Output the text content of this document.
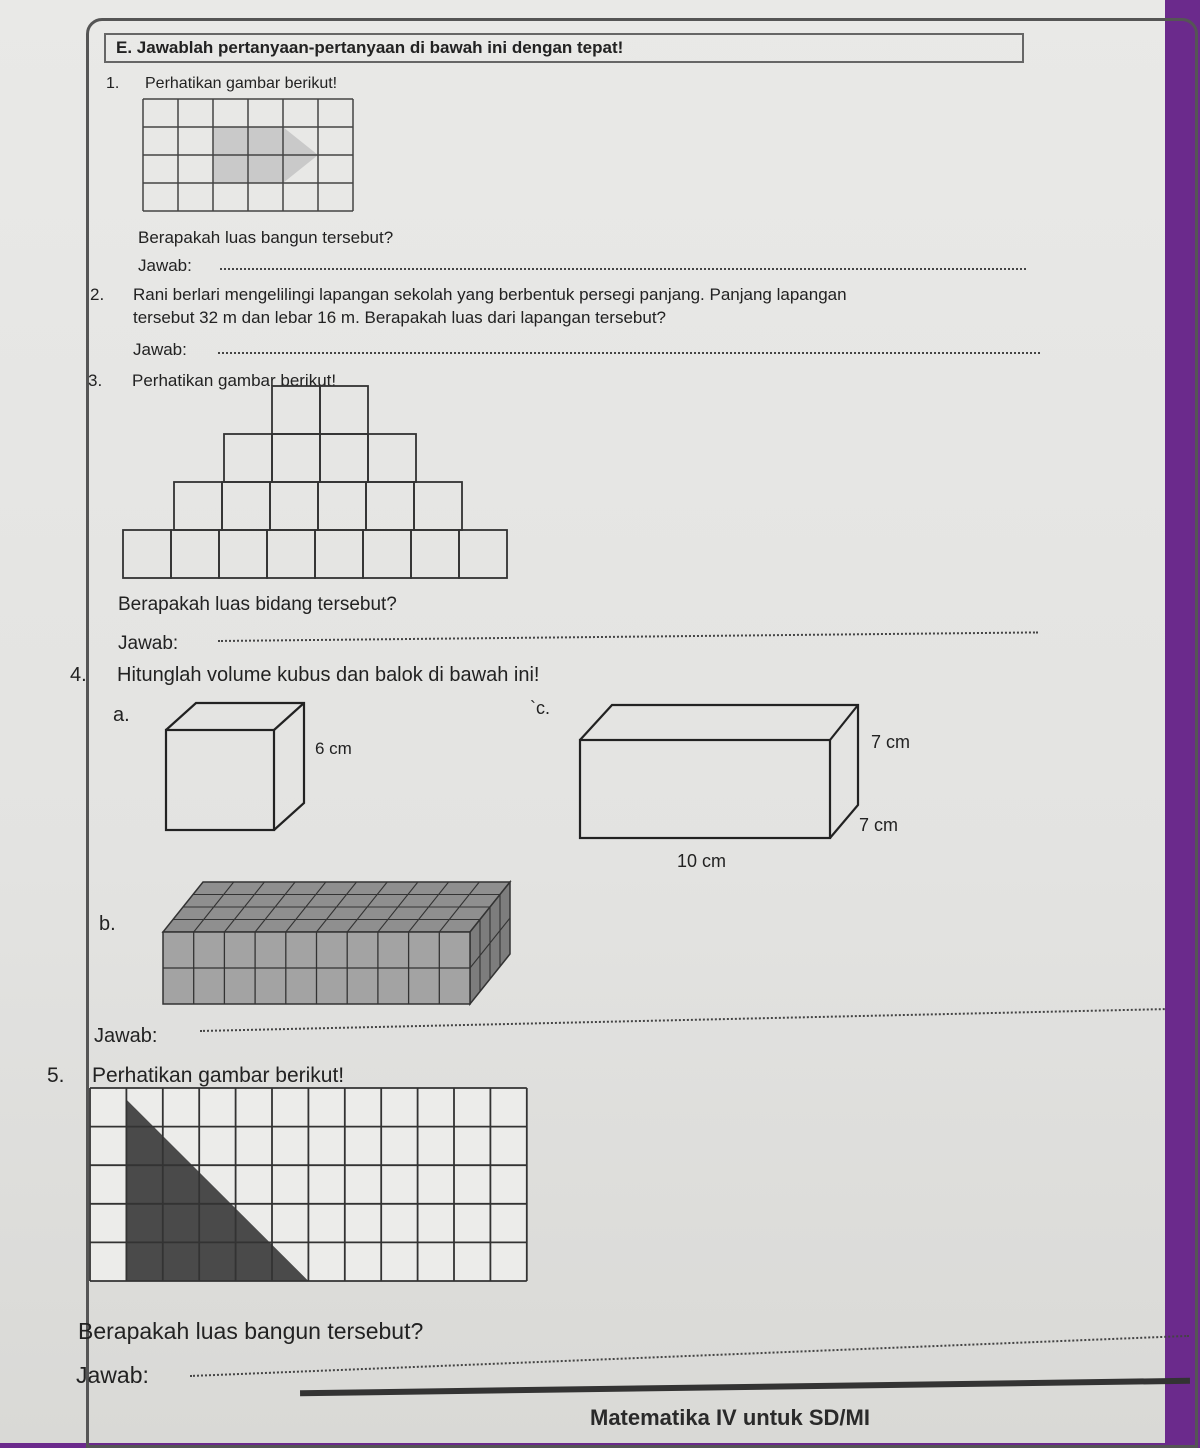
E. Jawablah pertanyaan-pertanyaan di bawah ini dengan tepat!
1. Perhatikan gambar berikut!
Berapakah luas bangun tersebut?
Jawab:
2. Rani berlari mengelilingi lapangan sekolah yang berbentuk persegi panjang. Panjang lapangan
tersebut 32 m dan lebar 16 m. Berapakah luas dari lapangan tersebut?
Jawab:
3. Perhatikan gambar berikut!
Berapakah luas bidang tersebut?
Jawab:
4. Hitunglah volume kubus dan balok di bawah ini!
a.	`c.
6 cm	7 cm
7 cm
10 cm
b.
Jawab:
5. Perhatikan gambar berikut!
Berapakah luas bangun tersebut?
Jawab:
Matematika IV untuk SD/MI
